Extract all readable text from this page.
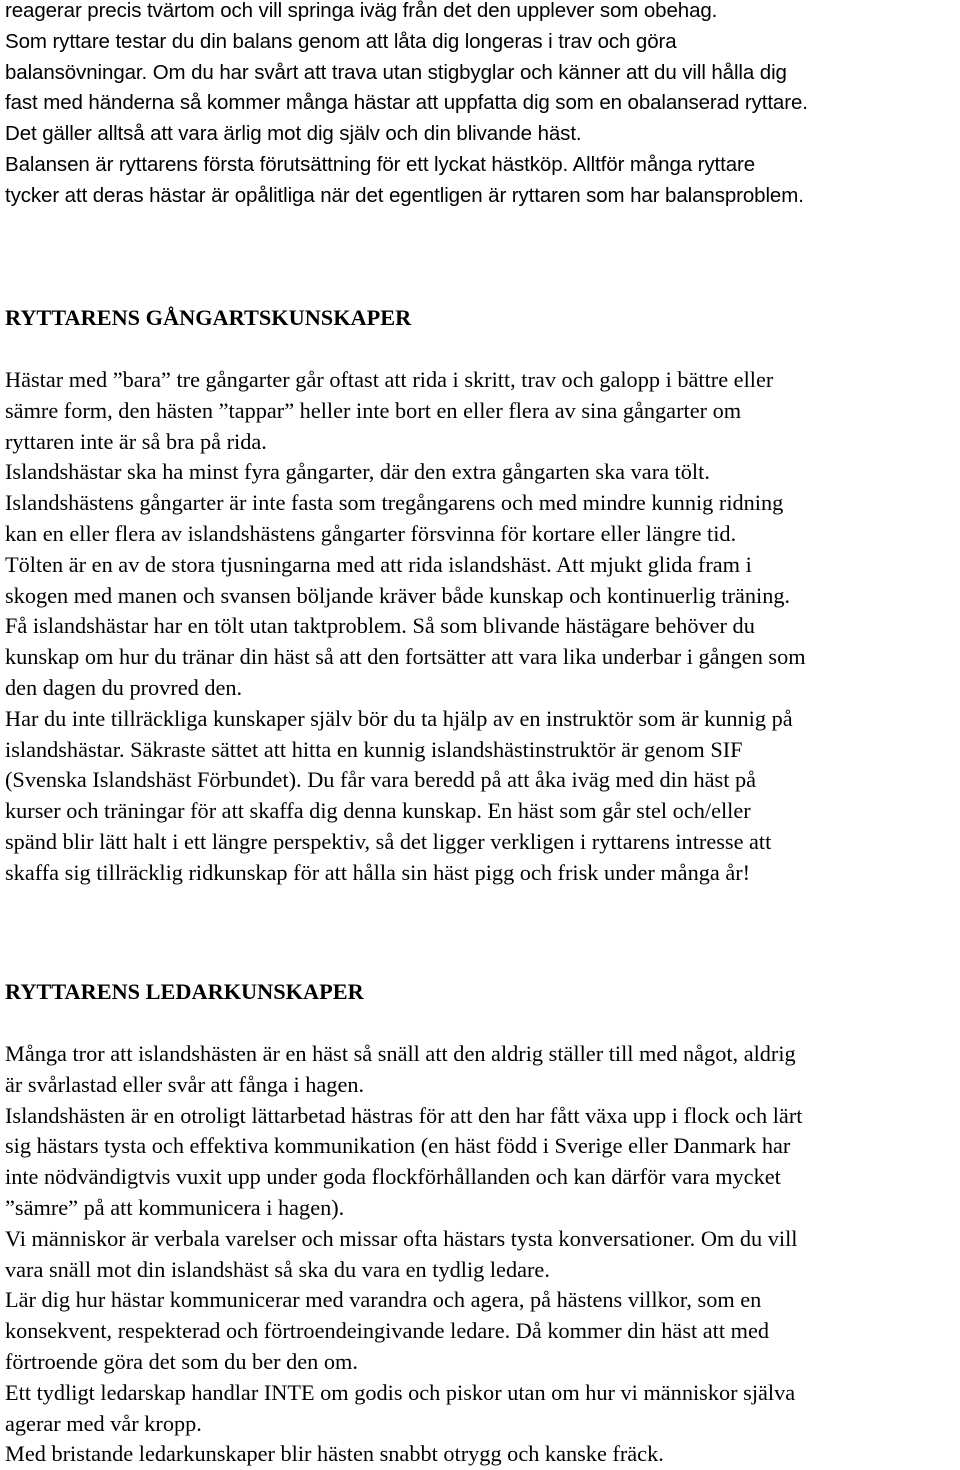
reagerar precis tvärtom och vill springa iväg från det den upplever som obehag.
Som ryttare testar du din balans genom att låta dig longeras i trav och göra
balansövningar. Om du har svårt att trava utan stigbyglar och känner att du vill hålla dig
fast med händerna så kommer många hästar att uppfatta dig som en obalanserad ryttare.
Det gäller alltså att vara ärlig mot dig själv och din blivande häst.
Balansen är ryttarens första förutsättning för ett lyckat hästköp. Alltför många ryttare
tycker att deras hästar är opålitliga när det egentligen är ryttaren som har balansproblem.
RYTTARENS GÅNGARTSKUNSKAPER
Hästar med ”bara” tre gångarter går oftast att rida i skritt, trav och galopp i bättre eller
sämre form, den hästen ”tappar” heller inte bort en eller flera av sina gångarter om
ryttaren inte är så bra på rida.
Islandshästar ska ha minst fyra gångarter, där den extra gångarten ska vara tölt.
Islandshästens gångarter är inte fasta som tregångarens och med mindre kunnig ridning
kan en eller flera av islandshästens gångarter försvinna för kortare eller längre tid.
Tölten är en av de stora tjusningarna med att rida islandshäst. Att mjukt glida fram i
skogen med manen och svansen böljande kräver både kunskap och kontinuerlig träning.
Få islandshästar har en tölt utan taktproblem. Så som blivande hästägare behöver du
kunskap om hur du tränar din häst så att den fortsätter att vara lika underbar i gången som
den dagen du provred den.
Har du inte tillräckliga kunskaper själv bör du ta hjälp av en instruktör som är kunnig på
islandshästar. Säkraste sättet att hitta en kunnig islandshästinstruktör är genom SIF
(Svenska Islandshäst Förbundet). Du får vara beredd på att åka iväg med din häst på
kurser och träningar för att skaffa dig denna kunskap. En häst som går stel och/eller
spänd blir lätt halt i ett längre perspektiv, så det ligger verkligen i ryttarens intresse att
skaffa sig tillräcklig ridkunskap för att hålla sin häst pigg och frisk under många år!
RYTTARENS LEDARKUNSKAPER
Många tror att islandshästen är en häst så snäll att den aldrig ställer till med något, aldrig
är svårlastad eller svår att fånga i hagen.
Islandshästen är en otroligt lättarbetad hästras för att den har fått växa upp i flock och lärt
sig hästars tysta och effektiva kommunikation (en häst född i Sverige eller Danmark har
inte nödvändigtvis vuxit upp under goda flockförhållanden och kan därför vara mycket
”sämre” på att kommunicera i hagen).
Vi människor är verbala varelser och missar ofta hästars tysta konversationer. Om du vill
vara snäll mot din islandshäst så ska du vara en tydlig ledare.
Lär dig hur hästar kommunicerar med varandra och agera, på hästens villkor, som en
konsekvent, respekterad och förtroendeingivande ledare. Då kommer din häst att med
förtroende göra det som du ber den om.
Ett tydligt ledarskap handlar INTE om godis och piskor utan om hur vi människor själva
agerar med vår kropp.
Med bristande ledarkunskaper blir hästen snabbt otrygg och kanske fräck.
